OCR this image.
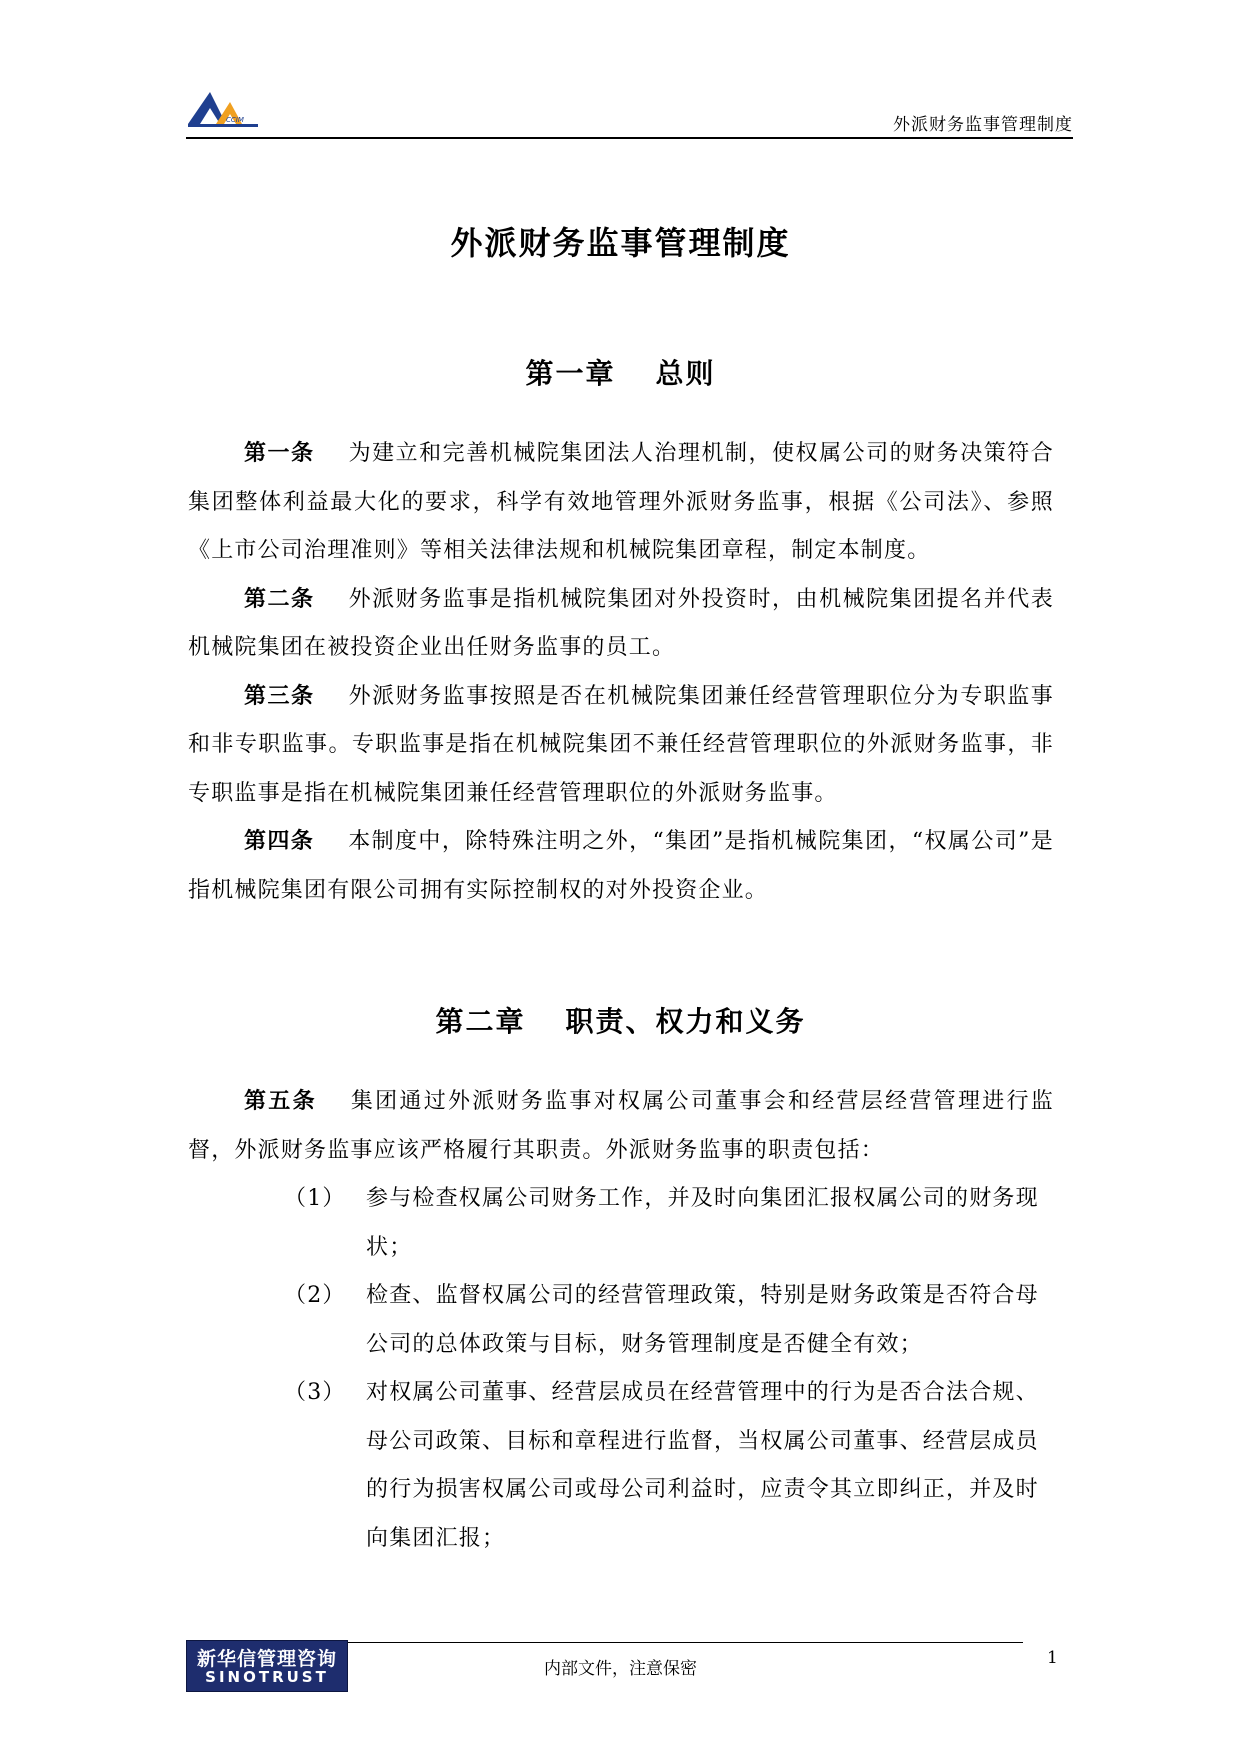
CCIM	外派财务监事管理制度
外派财务监事管理制度
第一章 总则

第一条 为建立和完善机械院集团法人治理机制，使权属公司的财务决策符合集团整体利益最大化的要求，科学有效地管理外派财务监事，根据《公司法》、参照《上市公司治理准则》等相关法律法规和机械院集团章程，制定本制度。

第二条 外派财务监事是指机械院集团对外投资时，由机械院集团提名并代表机械院集团在被投资企业出任财务监事的员工。

第三条 外派财务监事按照是否在机械院集团兼任经营管理职位分为专职监事和非专职监事。专职监事是指在机械院集团不兼任经营管理职位的外派财务监事，非专职监事是指在机械院集团兼任经营管理职位的外派财务监事。

第四条 本制度中，除特殊注明之外，“集团”是指机械院集团，“权属公司”是指机械院集团有限公司拥有实际控制权的对外投资企业。

第二章 职责、权力和义务

第五条 集团通过外派财务监事对权属公司董事会和经营层经营管理进行监督，外派财务监事应该严格履行其职责。外派财务监事的职责包括：

（1） 参与检查权属公司财务工作，并及时向集团汇报权属公司的财务现状；
（2） 检查、监督权属公司的经营管理政策，特别是财务政策是否符合母公司的总体政策与目标，财务管理制度是否健全有效；
（3） 对权属公司董事、经营层成员在经营管理中的行为是否合法合规、母公司政策、目标和章程进行监督，当权属公司董事、经营层成员的行为损害权属公司或母公司利益时，应责令其立即纠正，并及时向集团汇报；
新华信管理咨询
SINOTRUST	内部文件，注意保密
1
